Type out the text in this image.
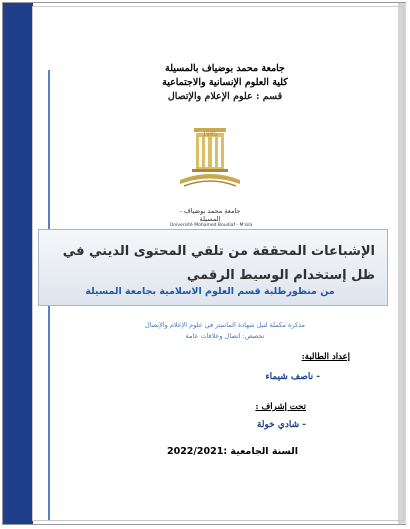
جامعة محمد بوضياف بالمسيلة
كلية العلوم الإنسانية والاجتماعية
قسم : علوم الإعلام والإتصال
1985
جامعة محمد بوضياف - المسيلة
Université Mohamed Boudiaf - M'sila
الإشباعات المحققة من تلقي المحتوى الديني في ظل إستخدام الوسيط الرقمي
من منظورطلبة قسم العلوم الاسلامية بجامعة المسيلة
مذكرة مكملة لنيل شهادة الماستر في علوم الإعلام والإتصال
تخصص: اتصال وعلاقات عامة
إعداد الطالبة:
- ناصف شيماء
تحت إشراف :
- شادي خولة
السنة الجامعية :2022/2021
